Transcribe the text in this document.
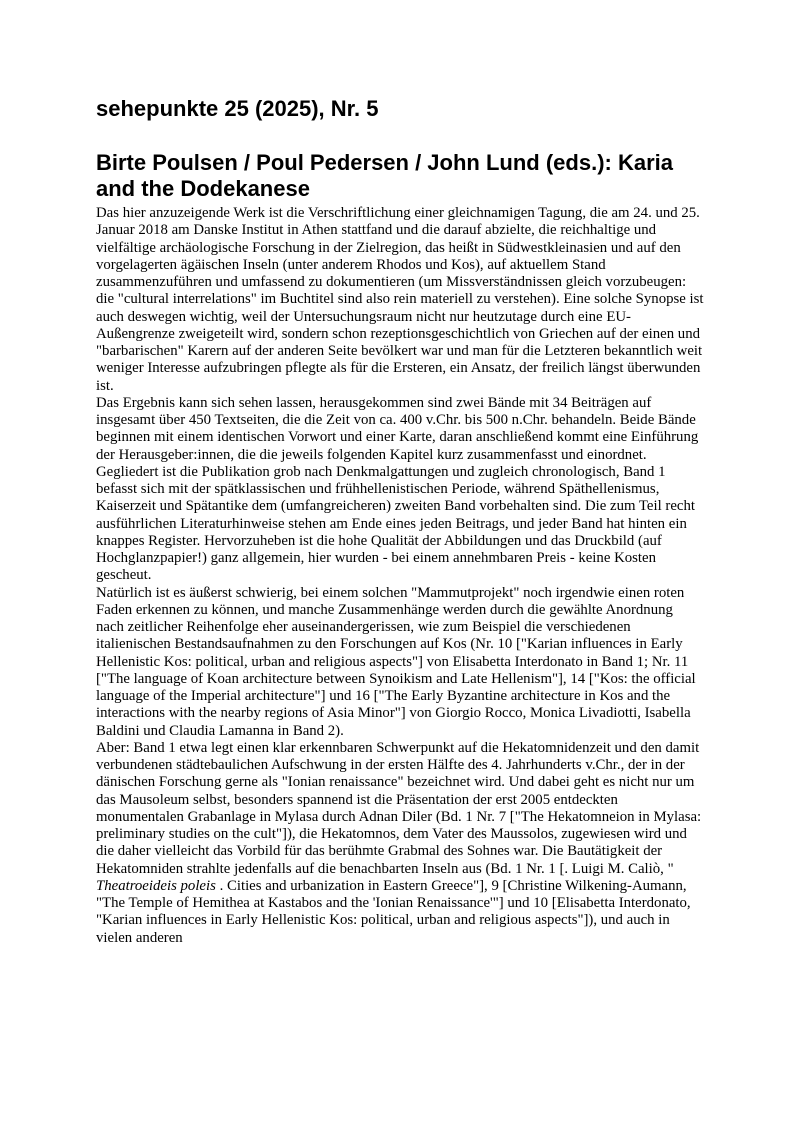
sehepunkte 25 (2025), Nr. 5
Birte Poulsen / Poul Pedersen / John Lund (eds.): Karia and the Dodekanese

Das hier anzuzeigende Werk ist die Verschriftlichung einer gleichnamigen Tagung, die am 24. und 25. Januar 2018 am Danske Institut in Athen stattfand und die darauf abzielte, die reichhaltige und vielfältige archäologische Forschung in der Zielregion, das heißt in Südwestkleinasien und auf den vorgelagerten ägäischen Inseln (unter anderem Rhodos und Kos), auf aktuellem Stand zusammenzuführen und umfassend zu dokumentieren (um Missverständnissen gleich vorzubeugen: die "cultural interrelations" im Buchtitel sind also rein materiell zu verstehen). Eine solche Synopse ist auch deswegen wichtig, weil der Untersuchungsraum nicht nur heutzutage durch eine EU-Außengrenze zweigeteilt wird, sondern schon rezeptionsgeschichtlich von Griechen auf der einen und "barbarischen" Karern auf der anderen Seite bevölkert war und man für die Letzteren bekanntlich weit weniger Interesse aufzubringen pflegte als für die Ersteren, ein Ansatz, der freilich längst überwunden ist.

Das Ergebnis kann sich sehen lassen, herausgekommen sind zwei Bände mit 34 Beiträgen auf insgesamt über 450 Textseiten, die die Zeit von ca. 400 v.Chr. bis 500 n.Chr. behandeln. Beide Bände beginnen mit einem identischen Vorwort und einer Karte, daran anschließend kommt eine Einführung der Herausgeber:innen, die die jeweils folgenden Kapitel kurz zusammenfasst und einordnet. Gegliedert ist die Publikation grob nach Denkmalgattungen und zugleich chronologisch, Band 1 befasst sich mit der spätklassischen und frühhellenistischen Periode, während Späthellenismus, Kaiserzeit und Spätantike dem (umfangreicheren) zweiten Band vorbehalten sind. Die zum Teil recht ausführlichen Literaturhinweise stehen am Ende eines jeden Beitrags, und jeder Band hat hinten ein knappes Register. Hervorzuheben ist die hohe Qualität der Abbildungen und das Druckbild (auf Hochglanzpapier!) ganz allgemein, hier wurden - bei einem annehmbaren Preis - keine Kosten gescheut.

Natürlich ist es äußerst schwierig, bei einem solchen "Mammutprojekt" noch irgendwie einen roten Faden erkennen zu können, und manche Zusammenhänge werden durch die gewählte Anordnung nach zeitlicher Reihenfolge eher auseinandergerissen, wie zum Beispiel die verschiedenen italienischen Bestandsaufnahmen zu den Forschungen auf Kos (Nr. 10 ["Karian influences in Early Hellenistic Kos: political, urban and religious aspects"] von Elisabetta Interdonato in Band 1; Nr. 11 ["The language of Koan architecture between Synoikism and Late Hellenism"], 14 ["Kos: the official language of the Imperial architecture"] und 16 ["The Early Byzantine architecture in Kos and the interactions with the nearby regions of Asia Minor"] von Giorgio Rocco, Monica Livadiotti, Isabella Baldini und Claudia Lamanna in Band 2).

Aber: Band 1 etwa legt einen klar erkennbaren Schwerpunkt auf die Hekatomnidenzeit und den damit verbundenen städtebaulichen Aufschwung in der ersten Hälfte des 4. Jahrhunderts v.Chr., der in der dänischen Forschung gerne als "Ionian renaissance" bezeichnet wird. Und dabei geht es nicht nur um das Mausoleum selbst, besonders spannend ist die Präsentation der erst 2005 entdeckten monumentalen Grabanlage in Mylasa durch Adnan Diler (Bd. 1 Nr. 7 ["The Hekatomneion in Mylasa: preliminary studies on the cult"]), die Hekatomnos, dem Vater des Maussolos, zugewiesen wird und die daher vielleicht das Vorbild für das berühmte Grabmal des Sohnes war. Die Bautätigkeit der Hekatomniden strahlte jedenfalls auf die benachbarten Inseln aus (Bd. 1 Nr. 1 [. Luigi M. Caliò, " Theatroeideis poleis . Cities and urbanization in Eastern Greece"], 9 [Christine Wilkening-Aumann, "The Temple of Hemithea at Kastabos and the 'Ionian Renaissance'"] und 10 [Elisabetta Interdonato, "Karian influences in Early Hellenistic Kos: political, urban and religious aspects"]), und auch in vielen anderen
